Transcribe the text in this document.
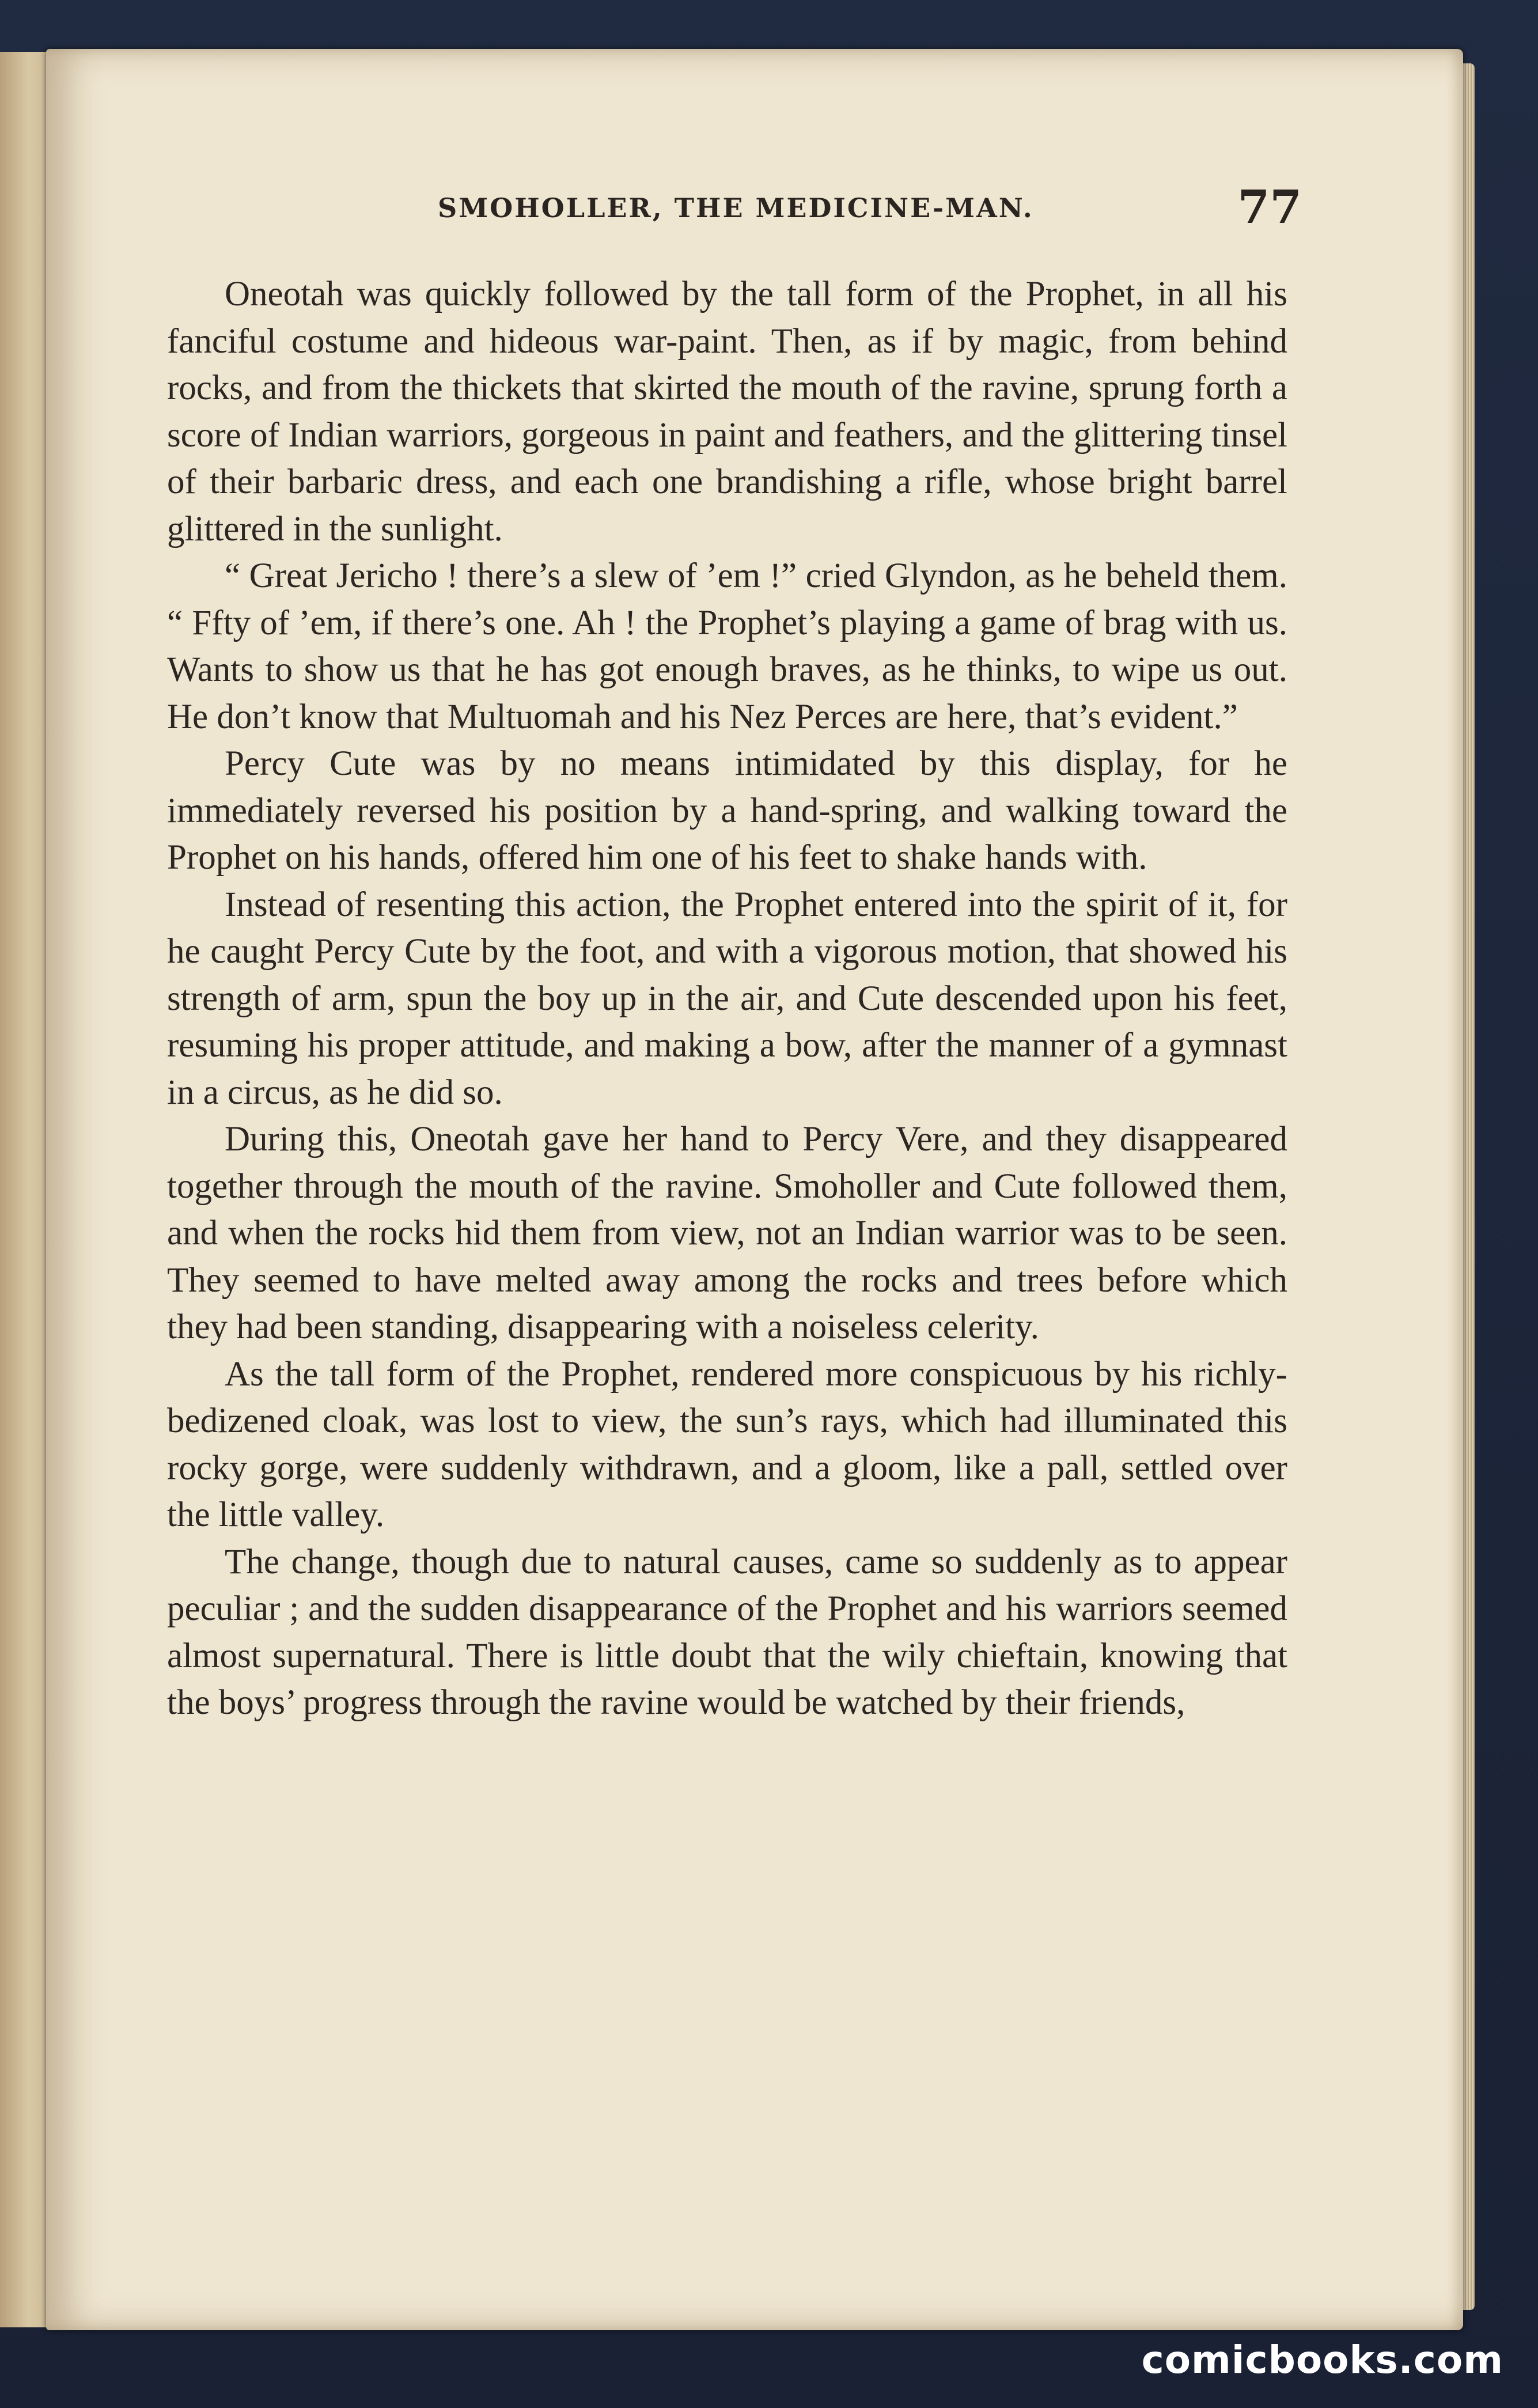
SMOHOLLER, THE MEDICINE-MAN.	77

Oneotah was quickly followed by the tall form of the Prophet, in all his fanciful costume and hideous war-paint. Then, as if by magic, from behind rocks, and from the thickets that skirted the mouth of the ravine, sprung forth a score of Indian warriors, gorgeous in paint and feathers, and the glittering tinsel of their barbaric dress, and each one brandishing a rifle, whose bright barrel glittered in the sunlight.

“ Great Jericho ! there’s a slew of ’em !” cried Glyndon, as he beheld them. “ Ffty of ’em, if there’s one. Ah ! the Prophet’s playing a game of brag with us. Wants to show us that he has got enough braves, as he thinks, to wipe us out. He don’t know that Multuomah and his Nez Perces are here, that’s evident.”

Percy Cute was by no means intimidated by this display, for he immediately reversed his position by a hand-spring, and walking toward the Prophet on his hands, offered him one of his feet to shake hands with.

Instead of resenting this action, the Prophet entered into the spirit of it, for he caught Percy Cute by the foot, and with a vigorous motion, that showed his strength of arm, spun the boy up in the air, and Cute descended upon his feet, resuming his proper attitude, and making a bow, after the manner of a gymnast in a circus, as he did so.

During this, Oneotah gave her hand to Percy Vere, and they disappeared together through the mouth of the ravine. Smoholler and Cute followed them, and when the rocks hid them from view, not an Indian warrior was to be seen. They seemed to have melted away among the rocks and trees before which they had been standing, disappearing with a noiseless celerity.

As the tall form of the Prophet, rendered more conspicuous by his richly-bedizened cloak, was lost to view, the sun’s rays, which had illuminated this rocky gorge, were suddenly withdrawn, and a gloom, like a pall, settled over the little valley.

The change, though due to natural causes, came so suddenly as to appear peculiar ; and the sudden disappearance of the Prophet and his warriors seemed almost supernatural. There is little doubt that the wily chieftain, knowing that the boys’ progress through the ravine would be watched by their friends,

comicbooks.com
